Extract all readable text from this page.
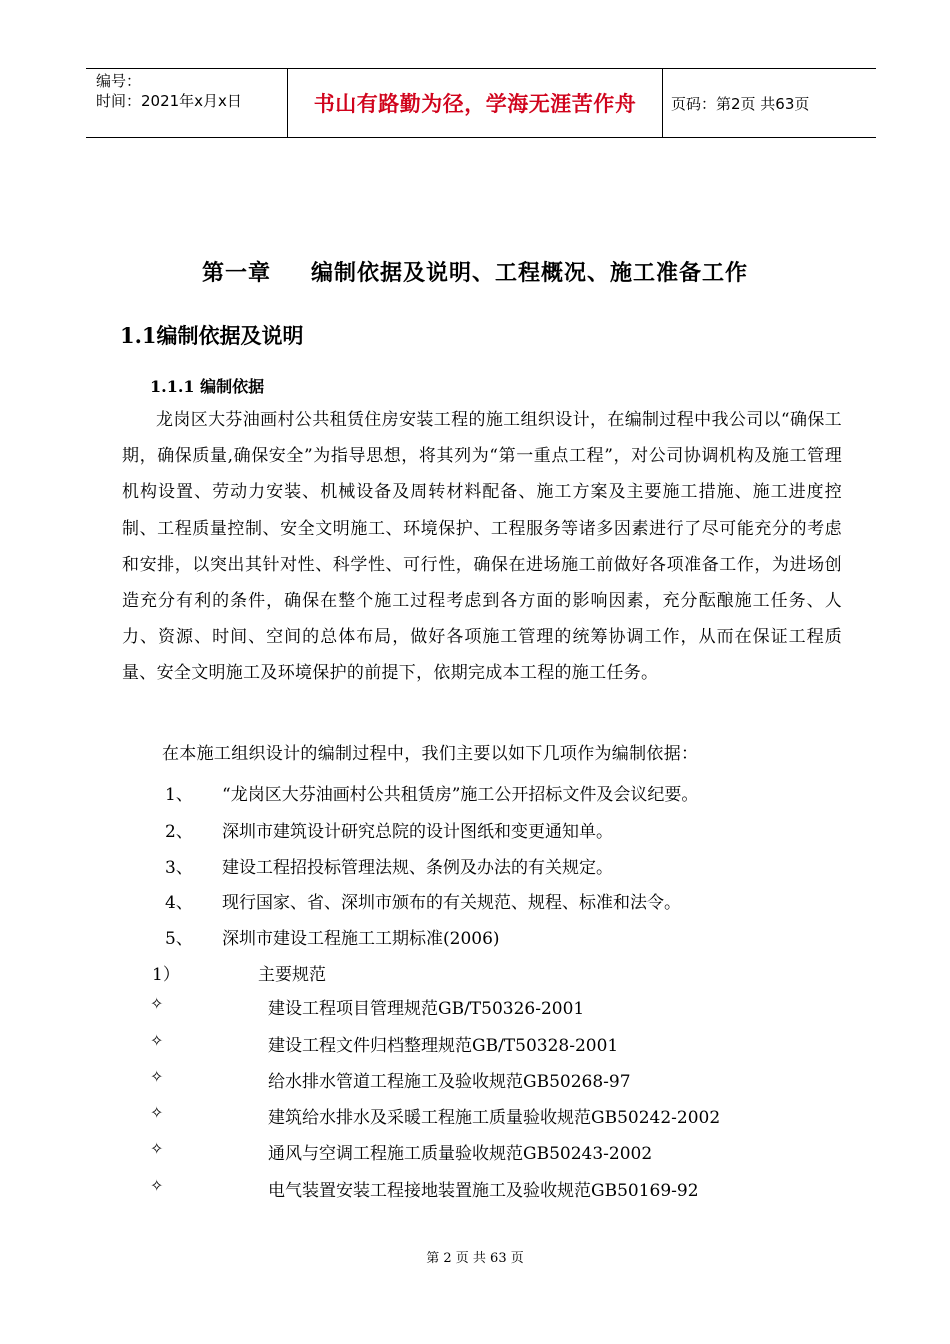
编号：
时间：2021年x月x日	书山有路勤为径，学海无涯苦作舟 页码：第2页 共63页
第一章 编制依据及说明、工程概况、施工准备工作
1.1编制依据及说明
1.1.1 编制依据
龙岗区大芬油画村公共租赁住房安装工程的施工组织设计，在编制过程中我公司以“确保工期，确保质量,确保安全”为指导思想，将其列为“第一重点工程”，对公司协调机构及施工管理机构设置、劳动力安装、机械设备及周转材料配备、施工方案及主要施工措施、施工进度控制、工程质量控制、安全文明施工、环境保护、工程服务等诸多因素进行了尽可能充分的考虑和安排，以突出其针对性、科学性、可行性，确保在进场施工前做好各项准备工作，为进场创造充分有利的条件，确保在整个施工过程考虑到各方面的影响因素，充分酝酿施工任务、人力、资源、时间、空间的总体布局，做好各项施工管理的统筹协调工作，从而在保证工程质量、安全文明施工及环境保护的前提下，依期完成本工程的施工任务。
在本施工组织设计的编制过程中，我们主要以如下几项作为编制依据：
1、 “龙岗区大芬油画村公共租赁房”施工公开招标文件及会议纪要。
2、 深圳市建筑设计研究总院的设计图纸和变更通知单。
3、 建设工程招投标管理法规、条例及办法的有关规定。
4、 现行国家、省、深圳市颁布的有关规范、规程、标准和法令。
5、 深圳市建设工程施工工期标准(2006)
1）	主要规范
✧	建设工程项目管理规范GB/T50326-2001
✧	建设工程文件归档整理规范GB/T50328-2001
✧	给水排水管道工程施工及验收规范GB50268-97
✧	建筑给水排水及采暖工程施工质量验收规范GB50242-2002
✧	通风与空调工程施工质量验收规范GB50243-2002
✧	电气装置安装工程接地装置施工及验收规范GB50169-92
第 2 页 共 63 页
